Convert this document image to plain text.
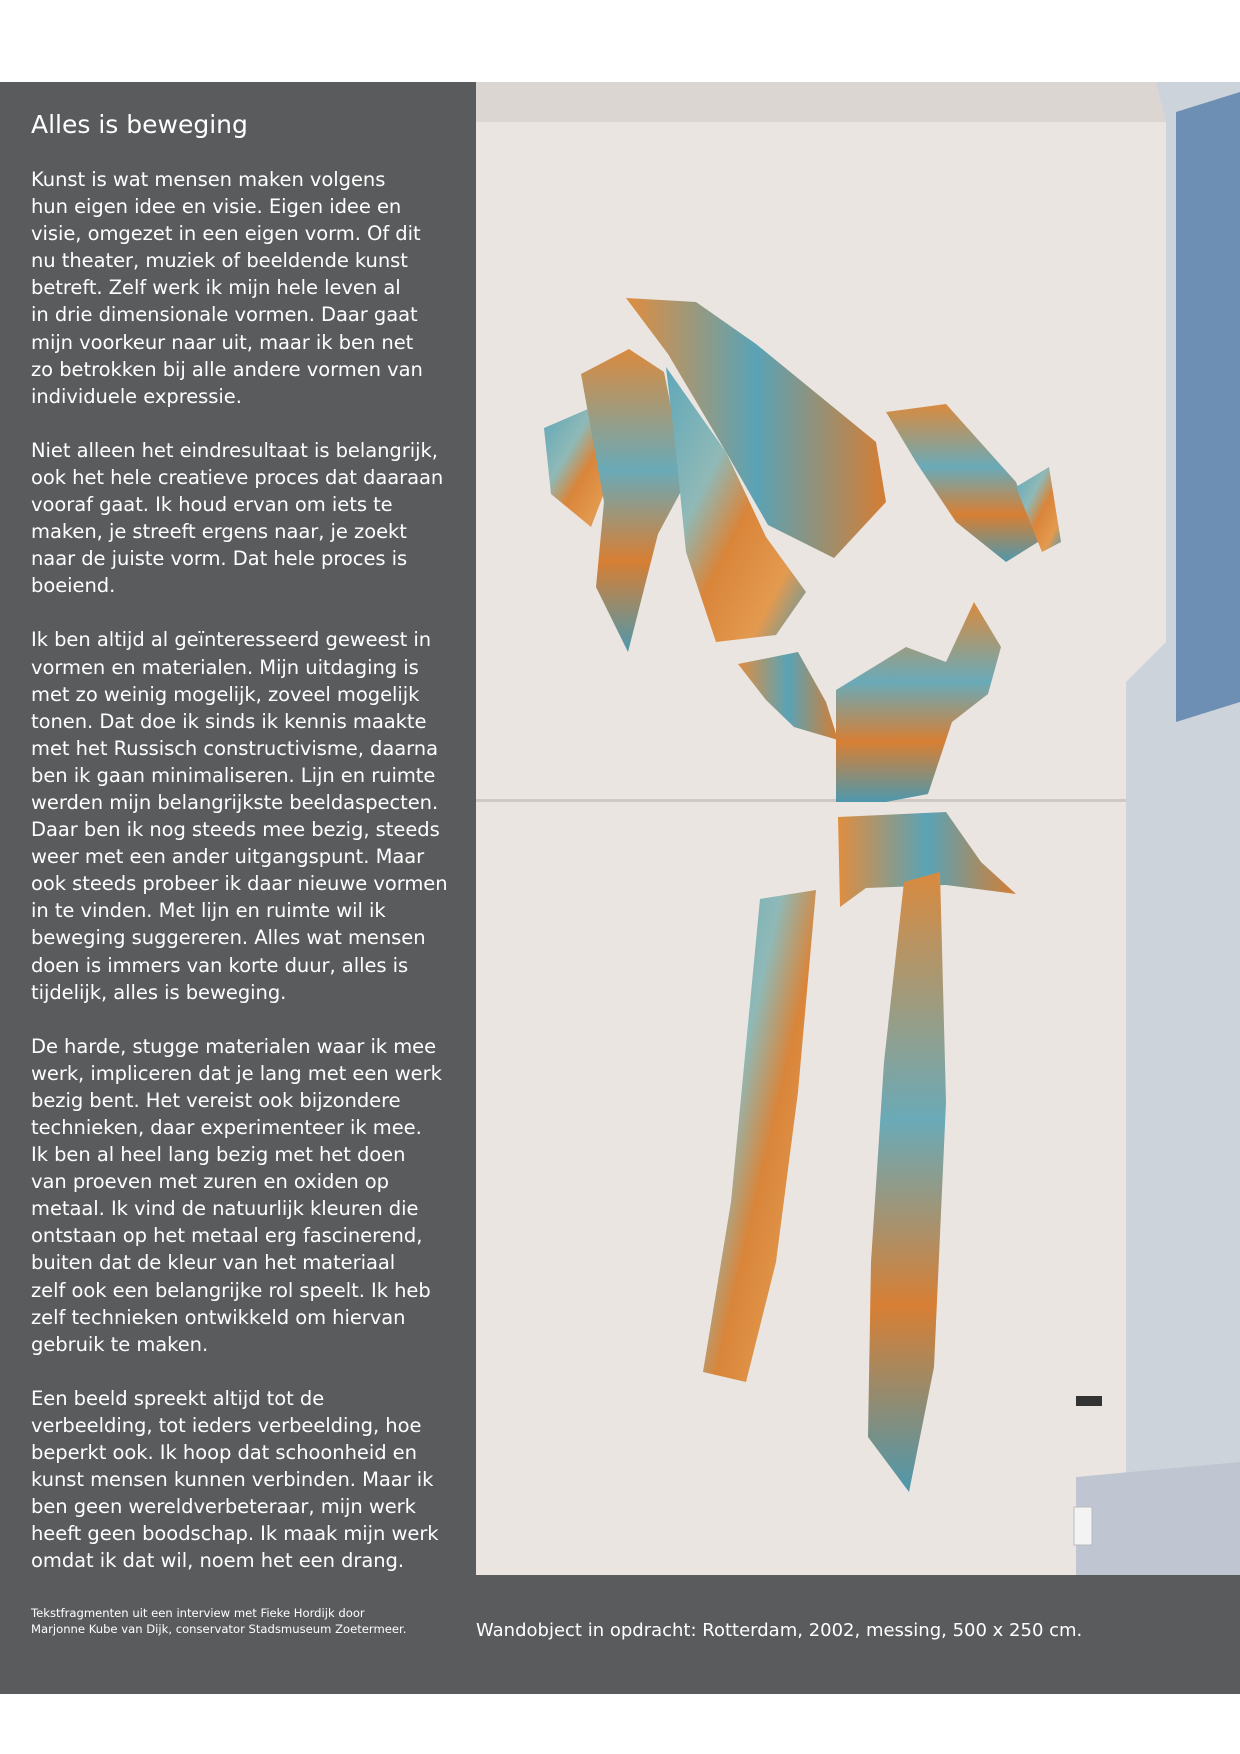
Alles is beweging

Kunst is wat mensen maken volgens
hun eigen idee en visie. Eigen idee en
visie, omgezet in een eigen vorm. Of dit
nu theater, muziek of beeldende kunst
betreft. Zelf werk ik mijn hele leven al
in drie dimensionale vormen. Daar gaat
mijn voorkeur naar uit, maar ik ben net
zo betrokken bij alle andere vormen van
individuele expressie.

Niet alleen het eindresultaat is belangrijk,
ook het hele creatieve proces dat daaraan
vooraf gaat. Ik houd ervan om iets te
maken, je streeft ergens naar, je zoekt
naar de juiste vorm. Dat hele proces is
boeiend.

Ik ben altijd al geïnteresseerd geweest in
vormen en materialen. Mijn uitdaging is
met zo weinig mogelijk, zoveel mogelijk
tonen. Dat doe ik sinds ik kennis maakte
met het Russisch constructivisme, daarna
ben ik gaan minimaliseren. Lijn en ruimte
werden mijn belangrijkste beeldaspecten.
Daar ben ik nog steeds mee bezig, steeds
weer met een ander uitgangspunt. Maar
ook steeds probeer ik daar nieuwe vormen
in te vinden. Met lijn en ruimte wil ik
beweging suggereren. Alles wat mensen
doen is immers van korte duur, alles is
tijdelijk, alles is beweging.

De harde, stugge materialen waar ik mee
werk, impliceren dat je lang met een werk
bezig bent. Het vereist ook bijzondere
technieken, daar experimenteer ik mee.
Ik ben al heel lang bezig met het doen
van proeven met zuren en oxiden op
metaal. Ik vind de natuurlijk kleuren die
ontstaan op het metaal erg fascinerend,
buiten dat de kleur van het materiaal
zelf ook een belangrijke rol speelt. Ik heb
zelf technieken ontwikkeld om hiervan
gebruik te maken.

Een beeld spreekt altijd tot de
verbeelding, tot ieders verbeelding, hoe
beperkt ook. Ik hoop dat schoonheid en
kunst mensen kunnen verbinden. Maar ik
ben geen wereldverbeteraar, mijn werk
heeft geen boodschap. Ik maak mijn werk
omdat ik dat wil, noem het een drang.

Tekstfragmenten uit een interview met Fieke Hordijk door
Marjonne Kube van Dijk, conservator Stadsmuseum Zoetermeer.	Wandobject in opdracht: Rotterdam, 2002, messing, 500 x 250 cm.
